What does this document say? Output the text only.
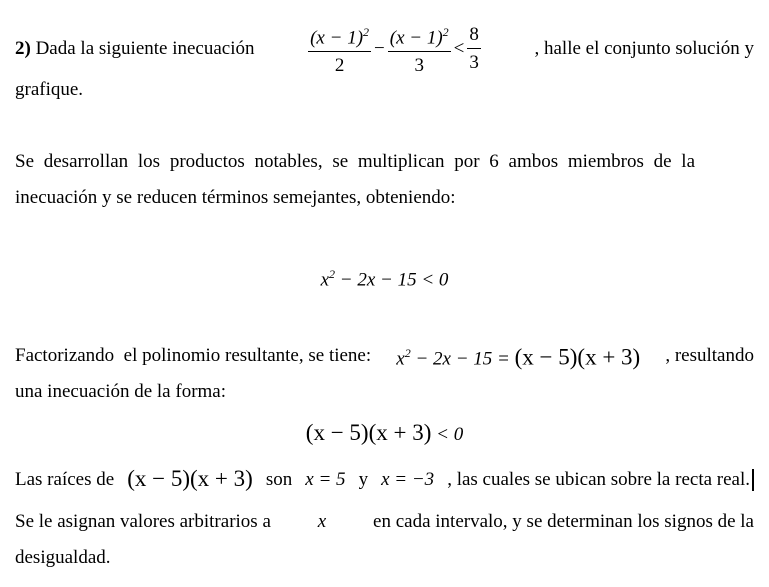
2) Dada la siguiente inecuación	$\frac{(x - 1)^2}{2} - \frac{(x - 1)^2}{3} < \frac{8}{3}$	, halle el conjunto solución y
grafique.
Se desarrollan los productos notables, se multiplican por 6 ambos miembros de la
inecuación y se reducen términos semejantes, obteniendo:
$x^2 - 2x - 15 < 0$
Factorizando  el polinomio resultante, se tiene: $x^2 - 2x - 15 = (x - 5)(x + 3)$ , resultando
una inecuación de la forma:
(x − 5)(x + 3) < 0
Las raíces de (x − 5)(x + 3) son x = 5 y x = −3 , las cuales se ubican sobre la recta real.
Se le asignan valores arbitrarios a x en cada intervalo, y se determinan los signos de la
desigualdad.
